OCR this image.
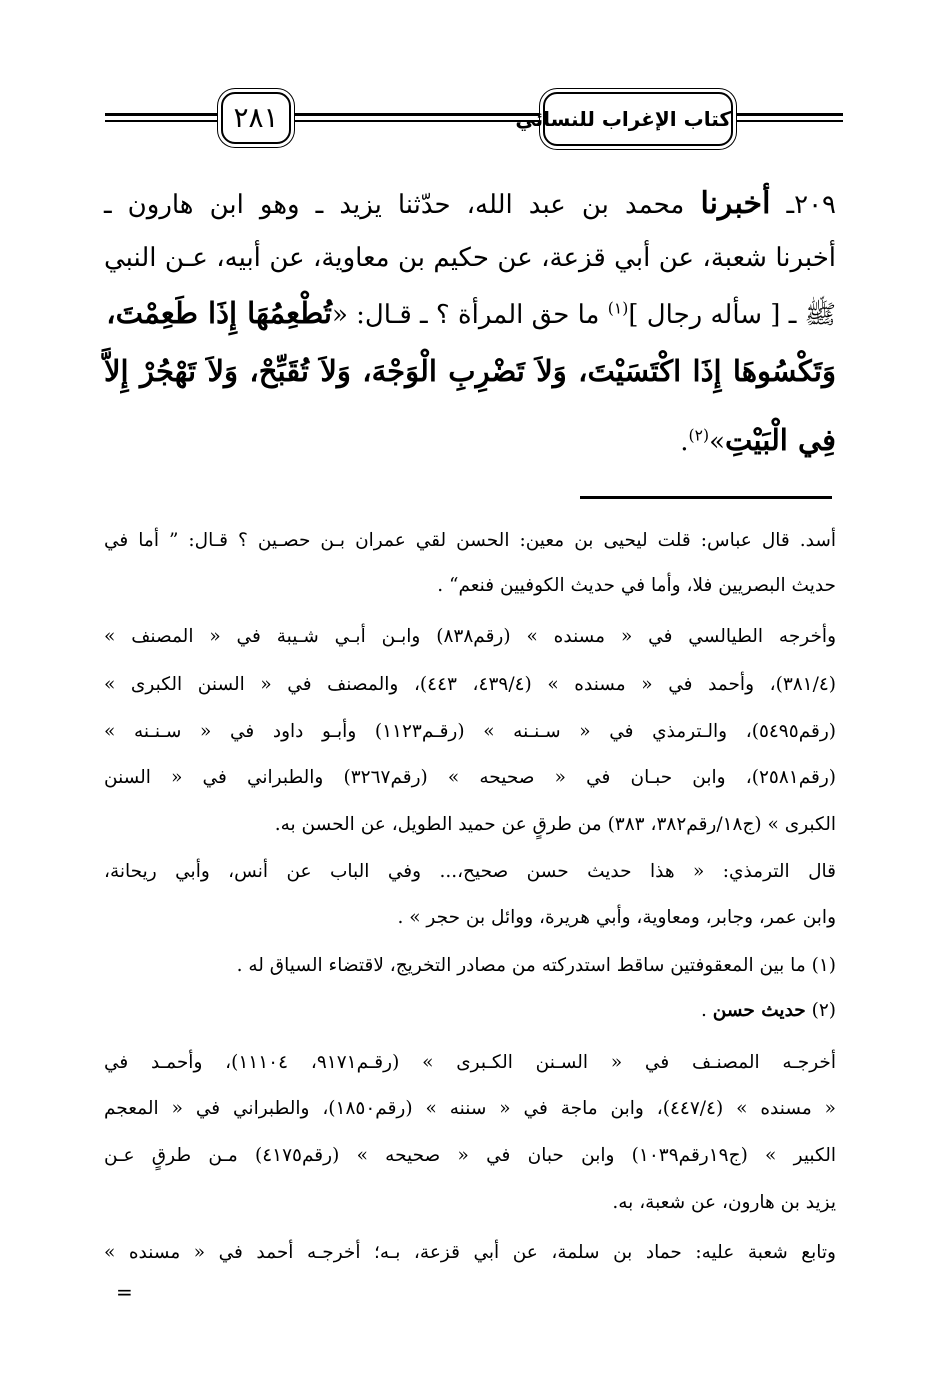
٢٨١	كتاب الإغراب للنسائي
٢٠٩ـ أخبرنا محمد بن عبد الله، حدّثنا يزيد ـ وهو ابن هارون ـ
أخبرنا شعبة، عن أبي قزعة، عن حكيم بن معاوية، عن أبيه، عـن النبي
ﷺ ـ [ سأله رجال ]$^{(١)}$ ما حق المرأة ؟ ـ قـال: «تُطْعِمُهَا إِذَا طَعِمْتَ،
وَتَكْسُوهَا إِذَا اكْتَسَيْتَ، وَلاَ تَضْرِبِ الْوَجْهَ، وَلاَ تُقَبِّحْ، وَلاَ تَهْجُرْ إِلاَّ
فِي الْبَيْتِ»$^{(٢)}$.
أسد. قال عباس: قلت ليحيى بن معين: الحسن لقي عمران بـن حصـين ؟ قـال: ” أما في
حديث البصريين فلا، وأما في حديث الكوفيين فنعم“ .
وأخرجه الطيالسي في « مسنده » (رقم٨٣٨) وابـن أبـي شـيبة في « المصنف »
(٣٨١/٤)، وأحمد في « مسنده » (٤٣٩/٤، ٤٤٣)، والمصنف في « السنن الكبرى »
(رقم٥٤٩٥)، والـترمذي في « سـنـنه » (رقـم١١٢٣) وأبـو داود في « سـنـنه »
(رقم٢٥٨١)، وابن حبـان في « صحيحه » (رقم٣٢٦٧) والطبراني في « السنن
الكبرى » (ج١٨/رقم٣٨٢، ٣٨٣) من طرقٍ عن حميد الطويل، عن الحسن به.
قال الترمذي: « هذا حديث حسن صحيح،... وفي الباب عن أنس، وأبي ريحانة،
وابن عمر، وجابر، ومعاوية، وأبي هريرة، ووائل بن حجر » .
(١) ما بين المعقوفتين ساقط استدركته من مصادر التخريج، لاقتضاء السياق له .
(٢) حديث حسن .
أخرجـه المصنـف في « السـنن الكـبرى » (رقـم٩١٧١، ١١١٠٤)، وأحمـد في
« مسنده » (٤٤٧/٤)، وابن ماجة في « سننه » (رقم١٨٥٠)، والطبراني في « المعجم
الكبير » (ج١٩رقم١٠٣٩) وابن حبان في « صحيحه » (رقم٤١٧٥) مـن طرقٍ عـن
يزيد بن هارون، عن شعبة، به.
وتابع شعبة عليه: حماد بن سلمة، عن أبي قزعة، بـه؛ أخرجـه أحمد في « مسنده »
=
